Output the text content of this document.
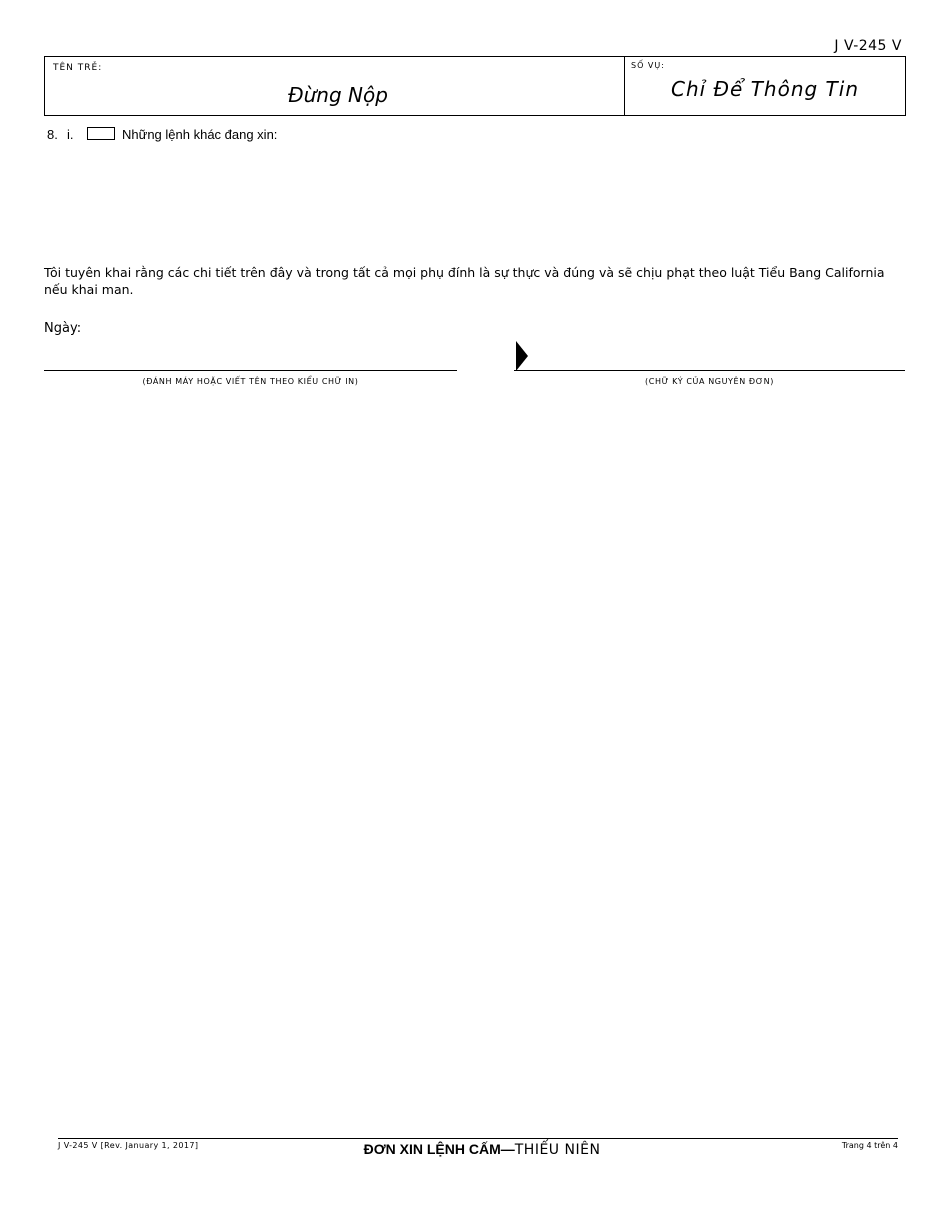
J V-245 V
TÊN TRẺ:
Đừng Nộp
SỐ VỤ:
Chỉ Để Thông Tin
8. i.	Những lệnh khác đang xin:
Tôi tuyên khai rằng các chi tiết trên đây và trong tất cả mọi phụ đính là sự thực và đúng và sẽ chịu phạt theo luật Tiểu Bang California nếu khai man.
Ngày:
(ĐÁNH MÁY HOẶC VIẾT TÊN THEO KIỂU CHỮ IN)	(CHỮ KÝ CỦA NGUYÊN ĐƠN)
J V-245 V [Rev. January 1, 2017]	ĐƠN XIN LỆNH CẤM—THIẾU NIÊN	Trang 4 trên 4
